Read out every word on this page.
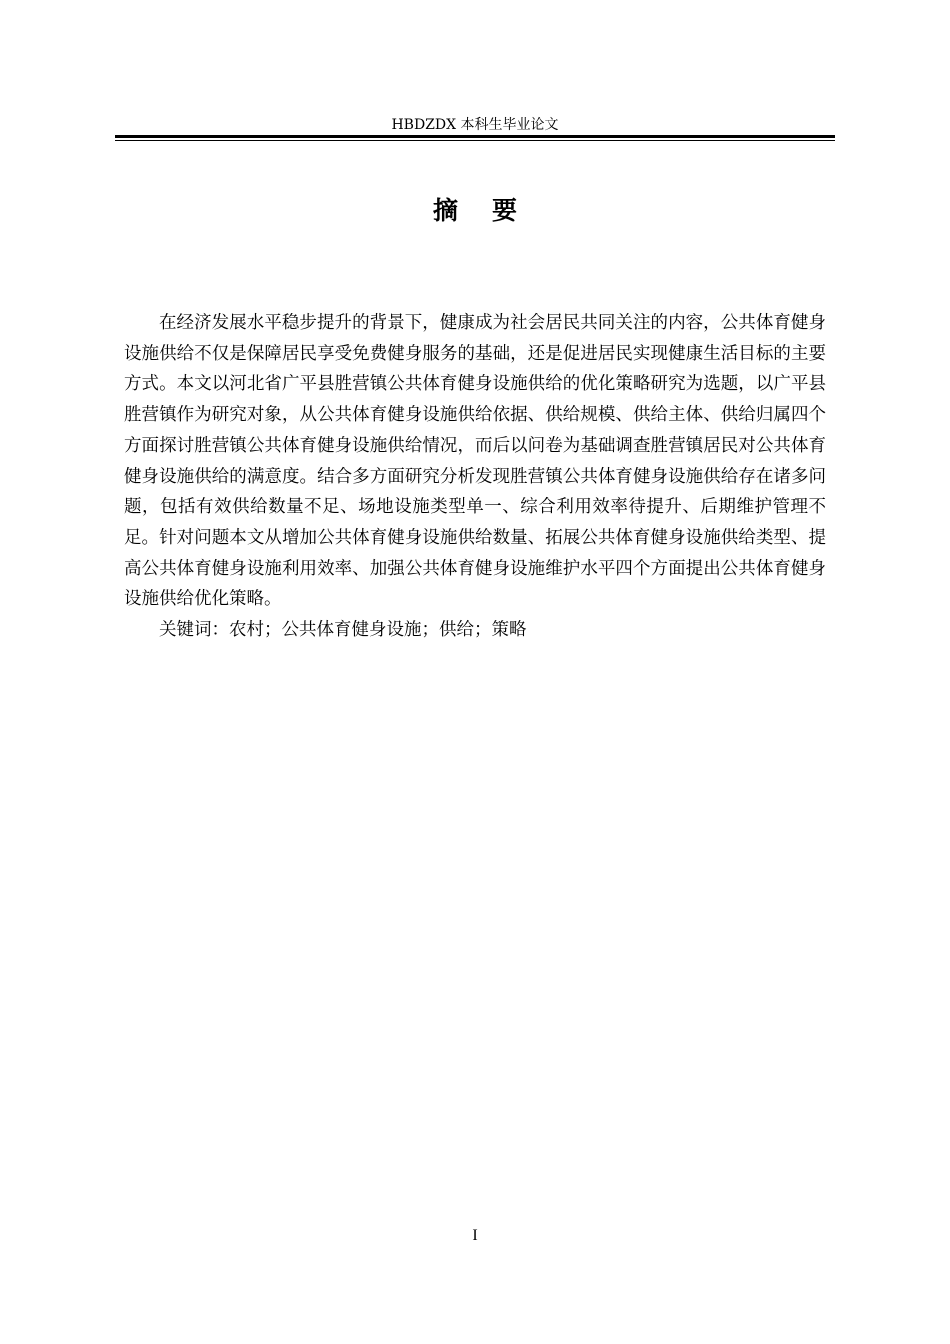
HBDZDX 本科生毕业论文
摘要

在经济发展水平稳步提升的背景下，健康成为社会居民共同关注的内容，公共体育健身设施供给不仅是保障居民享受免费健身服务的基础，还是促进居民实现健康生活目标的主要方式。本文以河北省广平县胜营镇公共体育健身设施供给的优化策略研究为选题，以广平县胜营镇作为研究对象，从公共体育健身设施供给依据、供给规模、供给主体、供给归属四个方面探讨胜营镇公共体育健身设施供给情况，而后以问卷为基础调查胜营镇居民对公共体育健身设施供给的满意度。结合多方面研究分析发现胜营镇公共体育健身设施供给存在诸多问题，包括有效供给数量不足、场地设施类型单一、综合利用效率待提升、后期维护管理不足。针对问题本文从增加公共体育健身设施供给数量、拓展公共体育健身设施供给类型、提高公共体育健身设施利用效率、加强公共体育健身设施维护水平四个方面提出公共体育健身设施供给优化策略。

关键词：农村；公共体育健身设施；供给；策略

I
